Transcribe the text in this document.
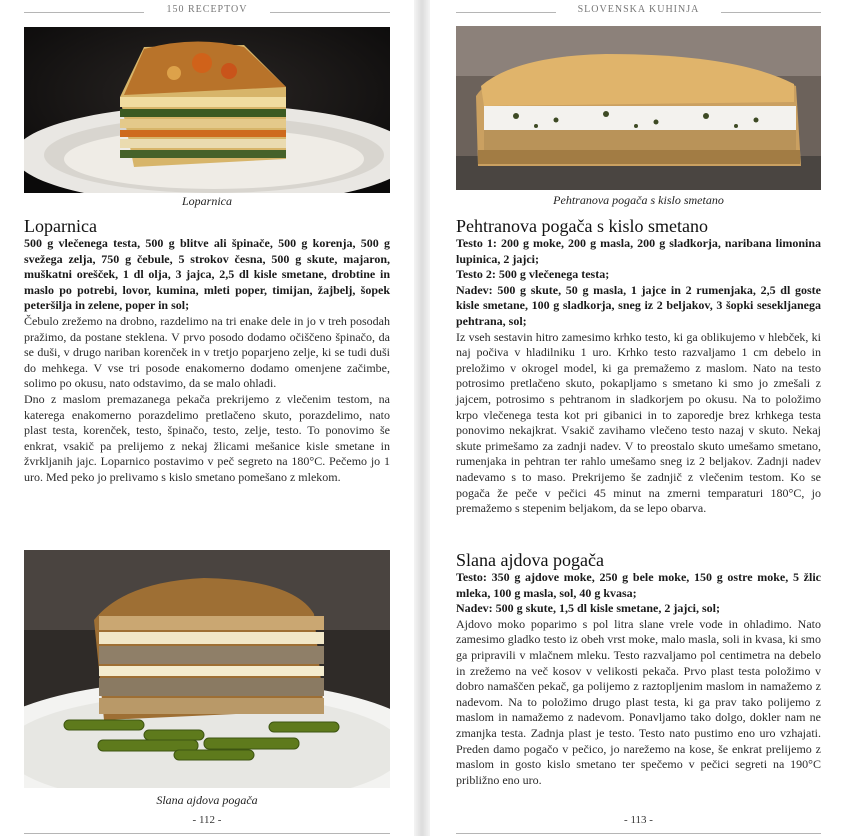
150 RECEPTOV
Loparnica
Loparnica

500 g vlečenega testa, 500 g blitve ali špinače, 500 g korenja, 500 g svežega zelja, 750 g čebule, 5 strokov česna, 500 g skute, majaron, muškatni orešček, 1 dl olja, 3 jajca, 2,5 dl kisle smetane, drobtine in maslo po potrebi, lovor, kumina, mleti poper, timijan, žajbelj, šopek peteršilja in zelene, poper in sol;

Čebulo zrežemo na drobno, razdelimo na tri enake dele in jo v treh posodah pražimo, da postane steklena. V prvo posodo dodamo očiščeno špinačo, da se duši, v drugo nariban korenček in v tretjo poparjeno zelje, ki se tudi duši do mehkega. V vse tri posode enakomerno dodamo omenjene začimbe, solimo po okusu, nato odstavimo, da se malo ohladi.

Dno z maslom premazanega pekača prekrijemo z vlečenim testom, na katerega enakomerno porazdelimo pretlačeno skuto, porazdelimo, nato plast testa, korenček, testo, špinačo, testo, zelje, testo. To ponovimo še enkrat, vsakič pa prelijemo z nekaj žlicami mešanice kisle smetane in žvrkljanih jajc. Loparnico postavimo v peč segreto na 180°C. Pečemo jo 1 uro. Med peko jo prelivamo s kislo smetano pomešano z mlekom.

Slana ajdova pogača
- 112 -
SLOVENSKA KUHINJA
Pehtranova pogača s kislo smetano
Pehtranova pogača s kislo smetano

Testo 1: 200 g moke, 200 g masla, 200 g sladkorja, naribana limonina lupinica, 2 jajci;

Testo 2: 500 g vlečenega testa;

Nadev: 500 g skute, 50 g masla, 1 jajce in 2 rumenjaka, 2,5 dl goste kisle smetane, 100 g sladkorja, sneg iz 2 beljakov, 3 šopki sesekljanega pehtrana, sol;

Iz vseh sestavin hitro zamesimo krhko testo, ki ga oblikujemo v hlebček, ki naj počiva v hladilniku 1 uro. Krhko testo razvaljamo 1 cm debelo in preložimo v okrogel model, ki ga premažemo z maslom. Nato na testo potrosimo pretlačeno skuto, pokapljamo s smetano ki smo jo zmešali z jajcem, potrosimo s pehtranom in sladkorjem po okusu. Na to položimo krpo vlečenega testa kot pri gibanici in to zaporedje brez krhkega testa ponovimo nekajkrat. Vsakič zavihamo vlečeno testo nazaj v skuto. Nekaj skute primešamo za zadnji nadev. V to preostalo skuto umešamo smetano, rumenjaka in pehtran ter rahlo umešamo sneg iz 2 beljakov. Zadnji nadev nadevamo s to maso. Prekrijemo še zadnjič z vlečenim testom. Ko se pogača že peče v pečici 45 minut na zmerni temparaturi 180°C, jo premažemo s stepenim beljakom, da se lepo obarva.

Slana ajdova pogača

Testo: 350 g ajdove moke, 250 g bele moke, 150 g ostre moke, 5 žlic mleka, 100 g masla, sol, 40 g kvasa;

Nadev: 500 g skute, 1,5 dl kisle smetane, 2 jajci, sol;

Ajdovo moko poparimo s pol litra slane vrele vode in ohladimo. Nato zamesimo gladko testo iz obeh vrst moke, malo masla, soli in kvasa, ki smo ga pripravili v mlačnem mleku. Testo razvaljamo pol centimetra na debelo in zrežemo na več kosov v velikosti pekača. Prvo plast testa položimo v dobro namaščen pekač, ga polijemo z raztopljenim maslom in namažemo z nadevom. Na to položimo drugo plast testa, ki ga prav tako polijemo z maslom in namažemo z nadevom. Ponavljamo tako dolgo, dokler nam ne zmanjka testa. Zadnja plast je testo. Testo nato pustimo eno uro vzhajati. Preden damo pogačo v pečico, jo narežemo na kose, še enkrat prelijemo z maslom in gosto kislo smetano ter spečemo v pečici segreti na 190°C približno eno uro.

- 113 -
